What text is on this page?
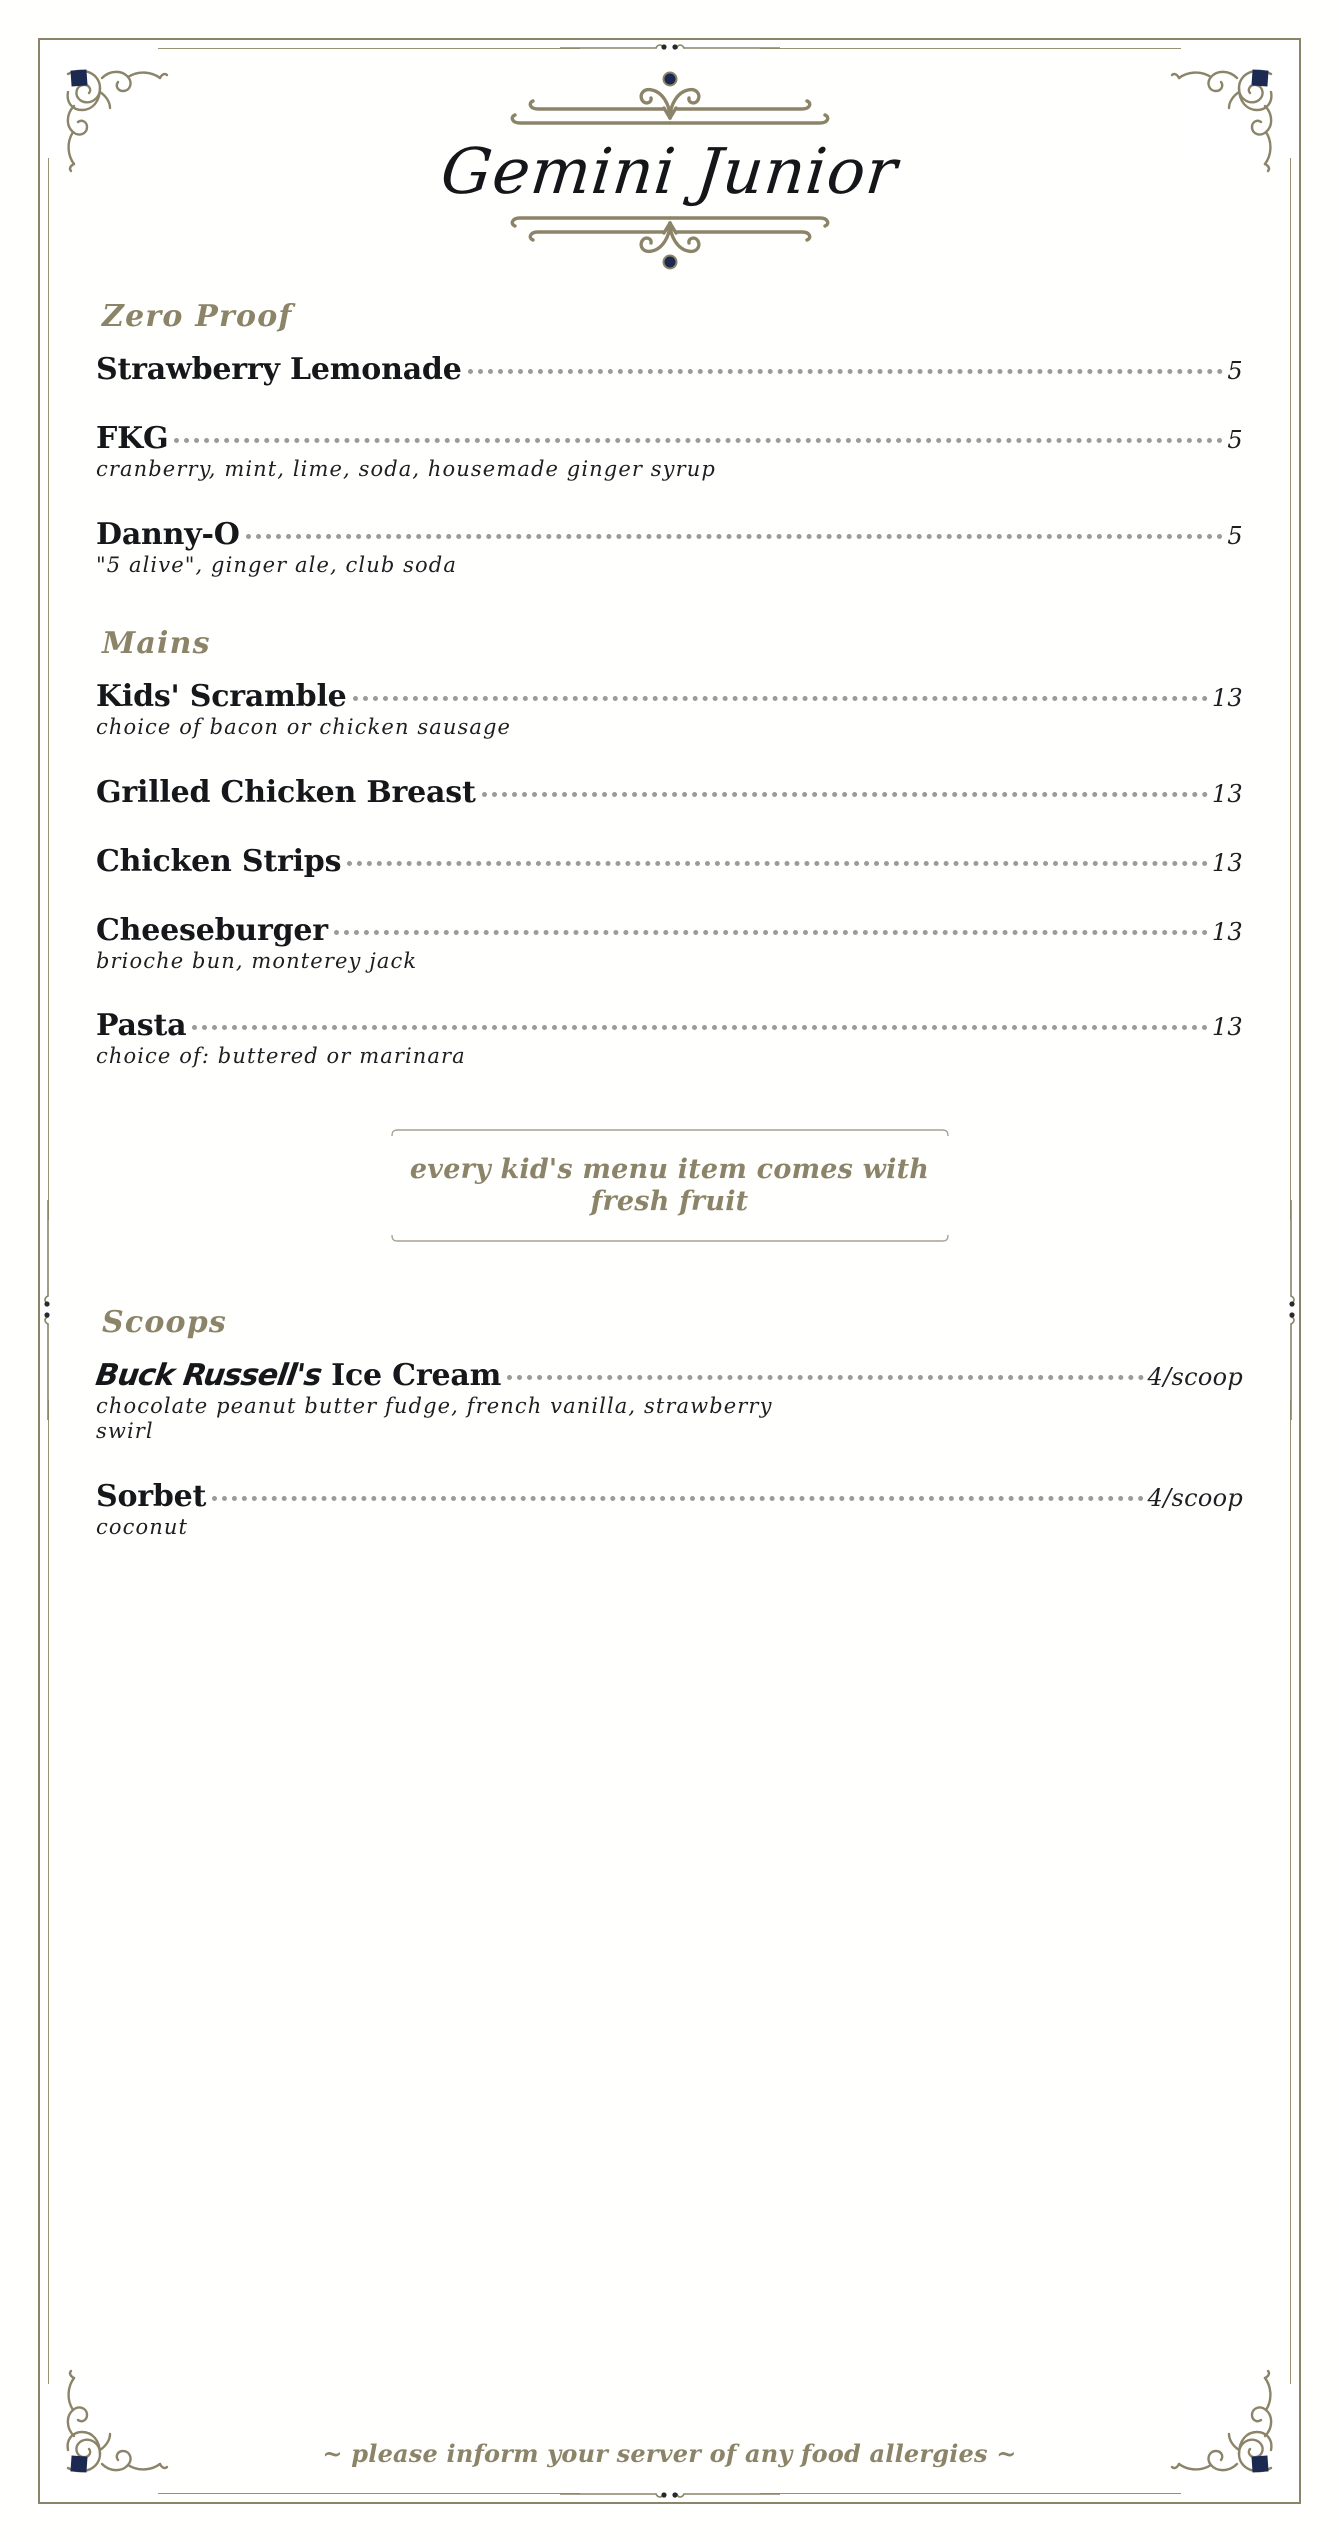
Gemini Junior
Zero Proof
Strawberry Lemonade	5
FKG	5
cranberry, mint, lime, soda, housemade ginger syrup
Danny-O	5
"5 alive", ginger ale, club soda
Mains
Kids' Scramble	13
choice of bacon or chicken sausage
Grilled Chicken Breast	13
Chicken Strips	13
Cheeseburger	13
brioche bun, monterey jack
Pasta	13
choice of: buttered or marinara
every kid's menu item comes with
fresh fruit
Scoops
Buck Russell's Ice Cream	4/scoop
chocolate peanut butter fudge, french vanilla, strawberry swirl
Sorbet	4/scoop
coconut
~ please inform your server of any food allergies ~
